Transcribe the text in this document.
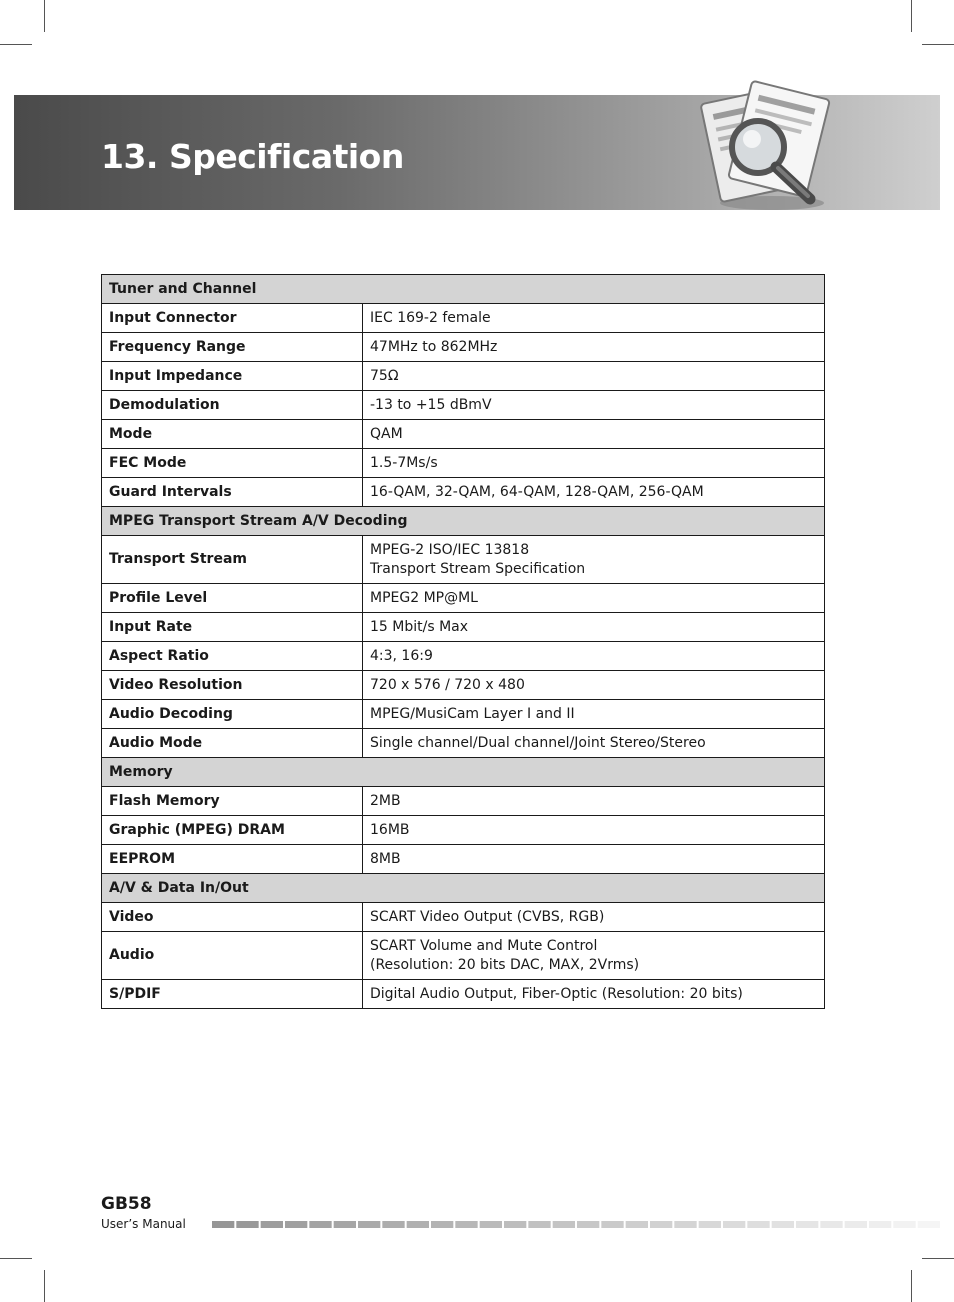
13. Specification
Tuner and Channel	
Input Connector	IEC 169-2 female

Frequency Range	47MHz to 862MHz

Input Impedance	75Ω

Demodulation	-13 to +15 dBmV

Mode	QAM

FEC Mode	1.5-7Ms/s

Guard Intervals	16-QAM, 32-QAM, 64-QAM, 128-QAM, 256-QAM

MPEG Transport Stream A/V Decoding	
Transport Stream	MPEG-2 ISO/IEC 13818
Transport Stream Specification

Profile Level	MPEG2 MP@ML

Input Rate	15 Mbit/s Max

Aspect Ratio	4:3, 16:9

Video Resolution	720 x 576 / 720 x 480

Audio Decoding	MPEG/MusiCam Layer I and II

Audio Mode	Single channel/Dual channel/Joint Stereo/Stereo

Memory	
Flash Memory	2MB

Graphic (MPEG) DRAM	16MB

EEPROM	8MB

A/V & Data In/Out	
Video	SCART Video Output (CVBS, RGB)

Audio	SCART Volume and Mute Control
(Resolution: 20 bits DAC, MAX, 2Vrms)

S/PDIF	Digital Audio Output, Fiber-Optic (Resolution: 20 bits)
GB58
User’s Manual
